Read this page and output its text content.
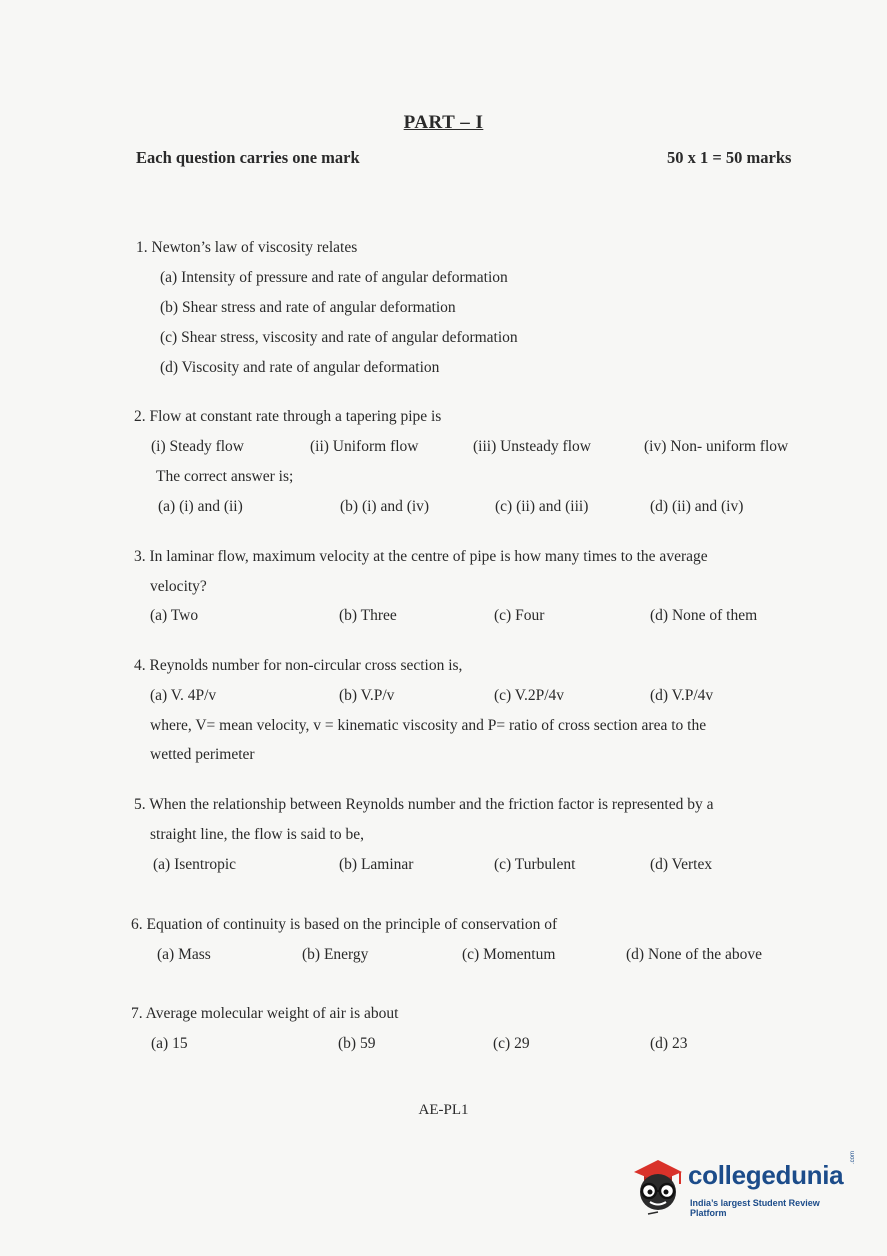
PART – I
Each question carries one mark	50 x 1 = 50 marks
1. Newton’s law of viscosity relates
(a) Intensity of pressure and rate of angular deformation
(b) Shear stress and rate of angular deformation
(c) Shear stress, viscosity and rate of angular deformation
(d) Viscosity and rate of angular deformation
2. Flow at constant rate through a tapering pipe is
(i) Steady flow	(ii) Uniform flow	(iii) Unsteady flow	(iv) Non- uniform flow
The correct answer is;
(a) (i) and (ii)	(b) (i) and (iv)	(c) (ii) and (iii)	(d) (ii) and (iv)
3. In laminar flow, maximum velocity at the centre of pipe is how many times to the average
velocity?
(a) Two	(b) Three	(c) Four	(d) None of them
4. Reynolds number for non-circular cross section is,
(a) V. 4P/v	(b) V.P/v	(c) V.2P/4v	(d) V.P/4v
where, V= mean velocity, v = kinematic viscosity and P= ratio of cross section area to the
wetted perimeter
5. When the relationship between Reynolds number and the friction factor is represented by a
straight line, the flow is said to be,
(a) Isentropic	(b) Laminar	(c) Turbulent	(d) Vertex
6. Equation of continuity is based on the principle of conservation of
(a) Mass	(b) Energy	(c) Momentum	(d) None of the above
7. Average molecular weight of air is about
(a) 15	(b) 59	(c) 29	(d) 23
AE-PL1
collegedunia
.com
India’s largest Student Review Platform
